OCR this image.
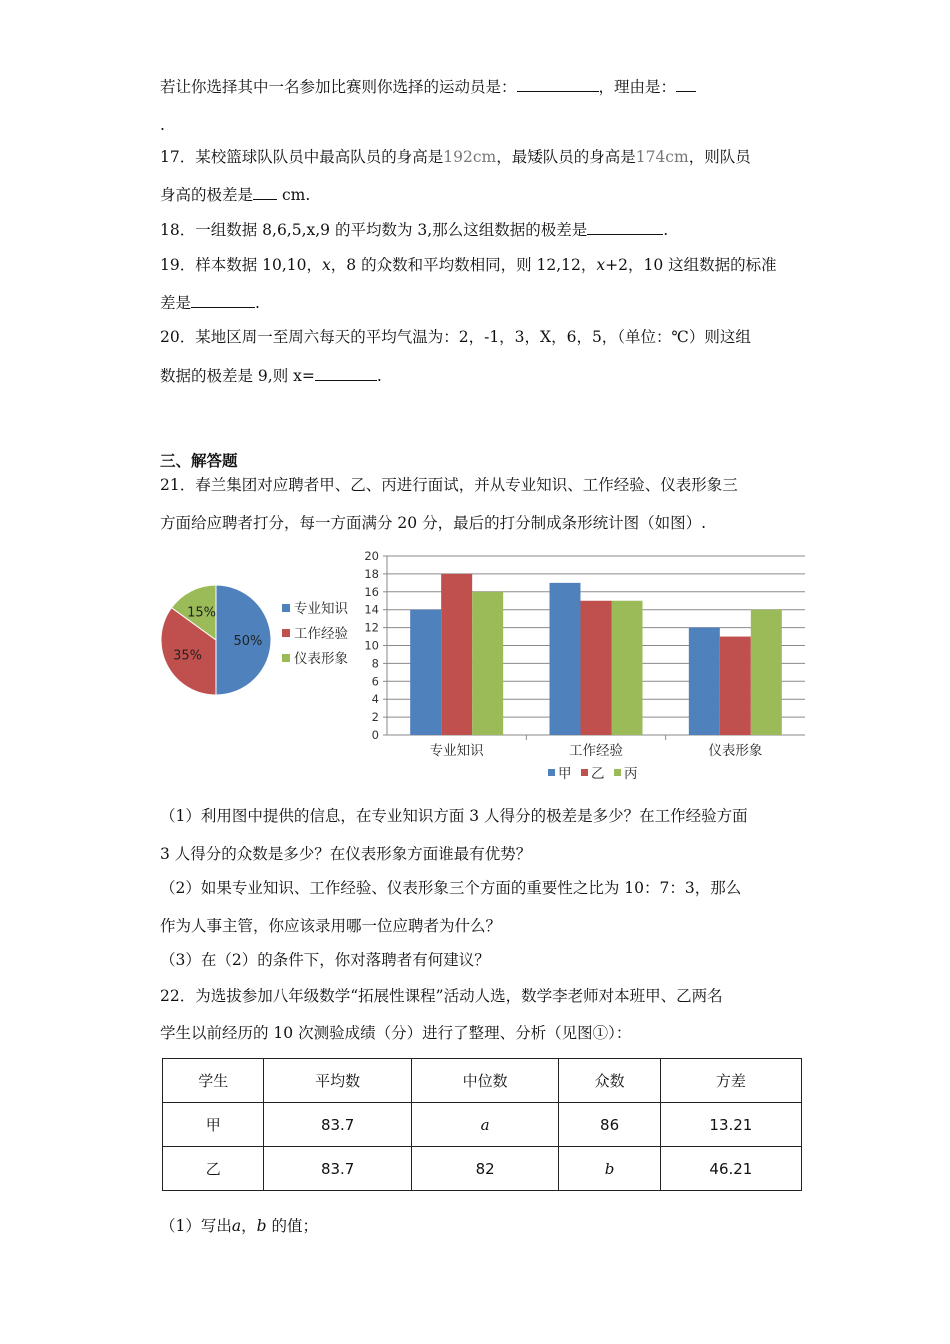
若让你选择其中一名参加比赛则你选择的运动员是：	，理由是：
.
17．某校篮球队队员中最高队员的身高是192cm，最矮队员的身高是174cm，则队员
身高的极差是 cm.
18．一组数据 8,6,5,x,9 的平均数为 3,那么这组数据的极差是	.
19．样本数据 10,10，x，8 的众数和平均数相同，则 12,12，x+2，10 这组数据的标准
差是	.
20．某地区周一至周六每天的平均气温为：2，-1，3，X，6，5，（单位：℃）则这组
数据的极差是 9,则 x=	.
三、解答题
21．春兰集团对应聘者甲、乙、丙进行面试，并从专业知识、工作经验、仪表形象三
方面给应聘者打分，每一方面满分 20 分，最后的打分制成条形统计图（如图）.
50%
35%
15%	专业知识
工作经验
仪表形象
0
2
4
6
8
10
12
14
16
18
20
专业知识	工作经验	仪表形象
甲 乙 丙
（1）利用图中提供的信息，在专业知识方面 3 人得分的极差是多少？在工作经验方面
3 人得分的众数是多少？在仪表形象方面谁最有优势？
（2）如果专业知识、工作经验、仪表形象三个方面的重要性之比为 10：7：3，那么
作为人事主管，你应该录用哪一位应聘者为什么？
（3）在（2）的条件下，你对落聘者有何建议？
22．为选拔参加八年级数学“拓展性课程”活动人选，数学李老师对本班甲、乙两名
学生以前经历的 10 次测验成绩（分）进行了整理、分析（见图①）：
学生	平均数	中位数	众数	方差
甲	83.7	a	86	13.21
乙	83.7	82	b	46.21
（1）写出a，b 的值；
